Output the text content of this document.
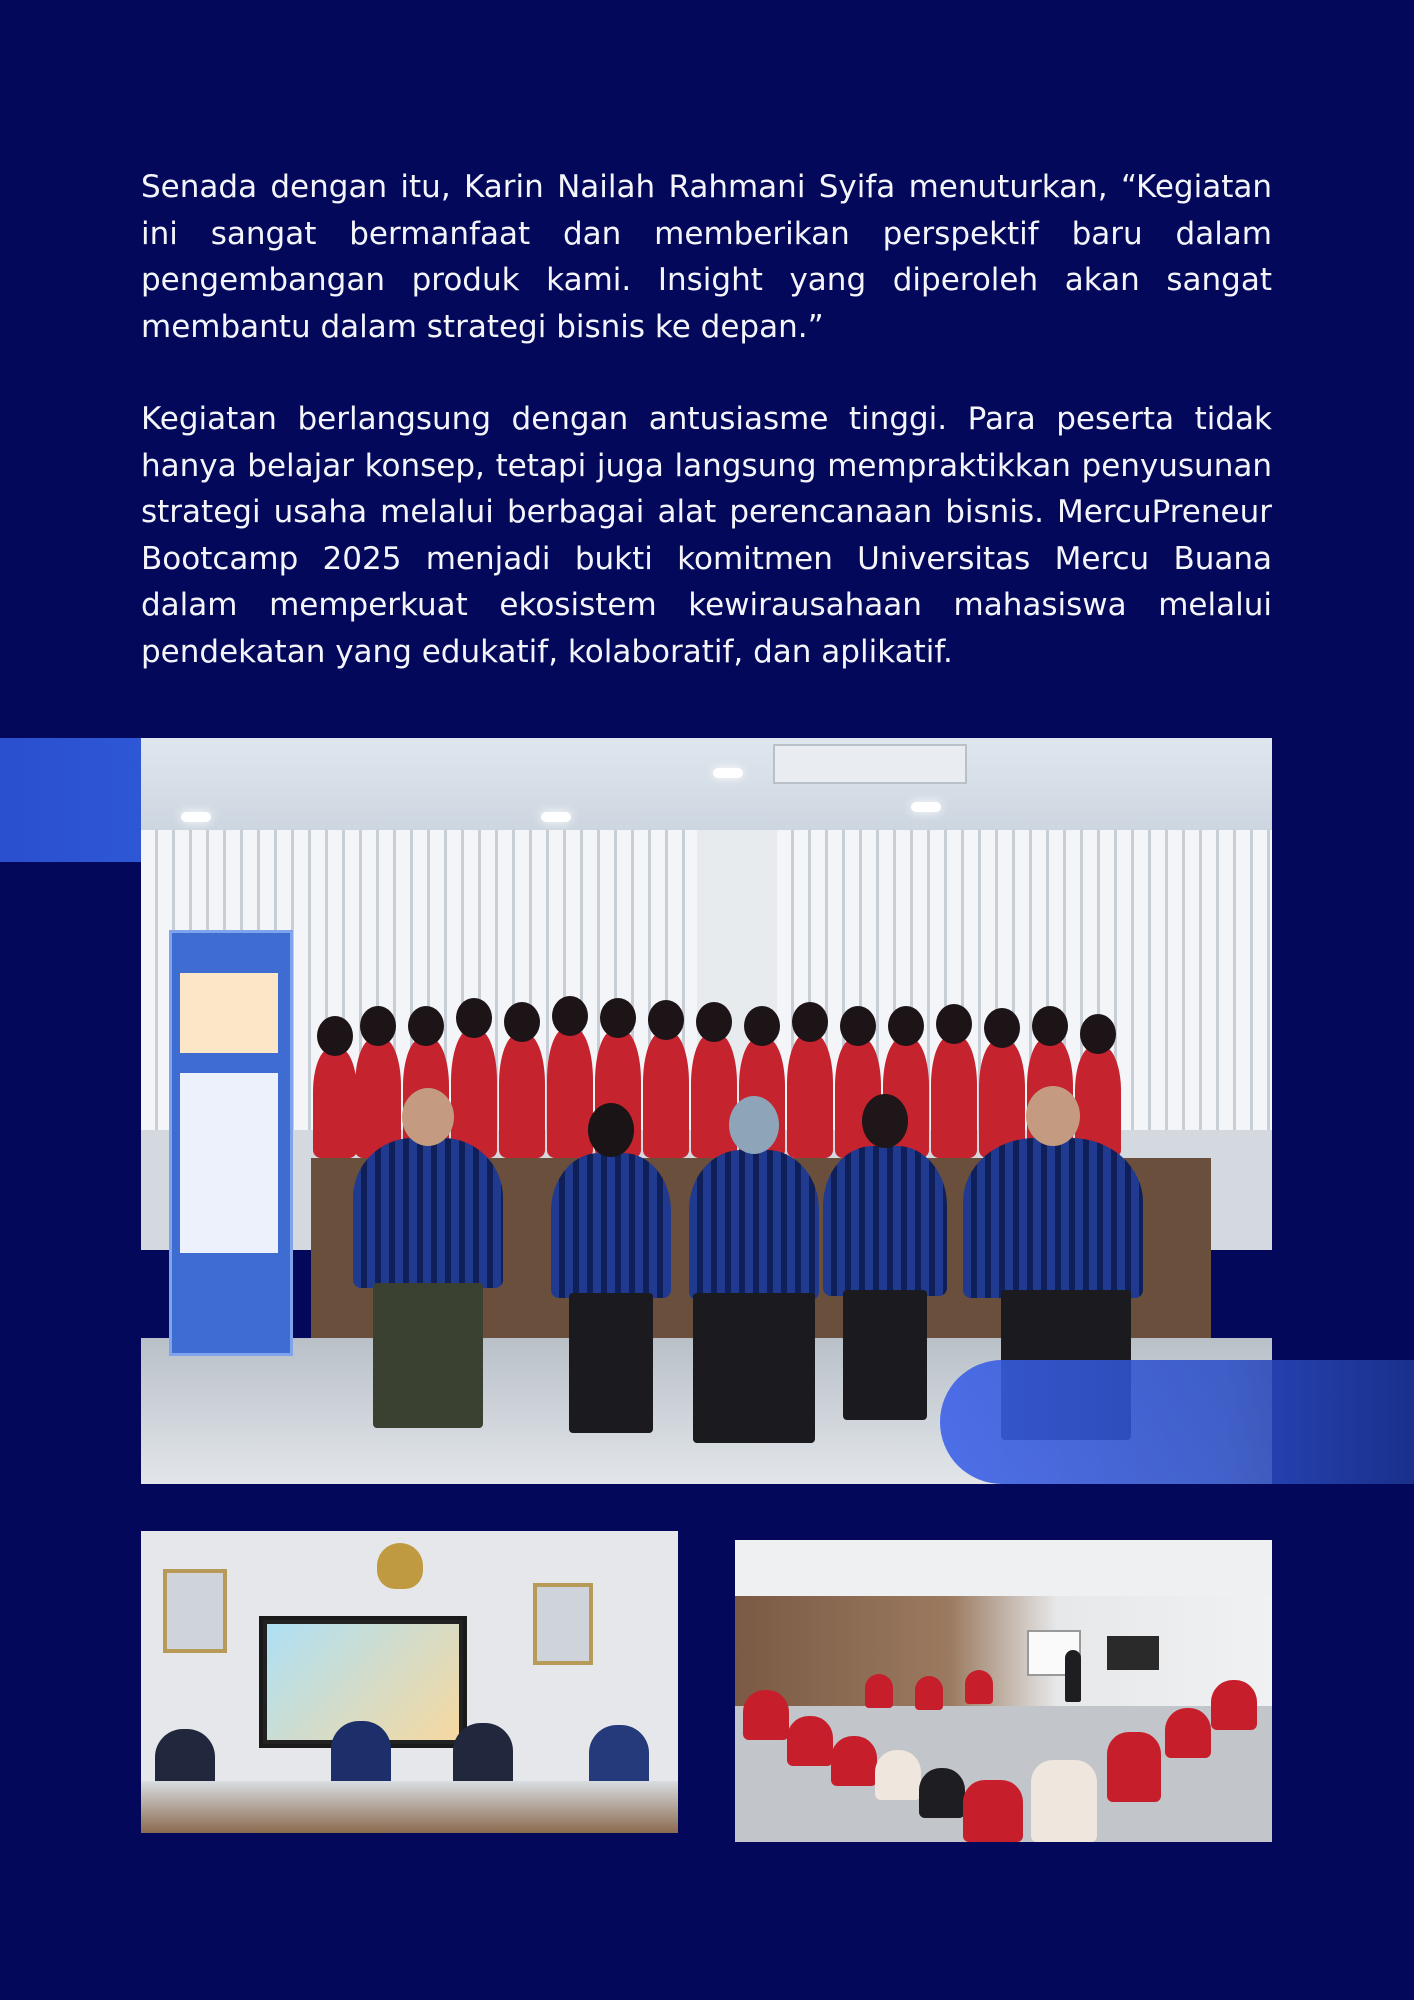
Senada dengan itu, Karin Nailah Rahmani Syifa menuturkan, “Kegiatan ini sangat bermanfaat dan memberikan perspektif baru dalam pengembangan produk kami. Insight yang diperoleh akan sangat membantu dalam strategi bisnis ke depan.”

Kegiatan berlangsung dengan antusiasme tinggi. Para peserta tidak hanya belajar konsep, tetapi juga langsung mempraktikkan penyusunan strategi usaha melalui berbagai alat perencanaan bisnis. MercuPreneur Bootcamp 2025 menjadi bukti komitmen Universitas Mercu Buana dalam memperkuat ekosistem kewirausahaan mahasiswa melalui pendekatan yang edukatif, kolaboratif, dan aplikatif.
